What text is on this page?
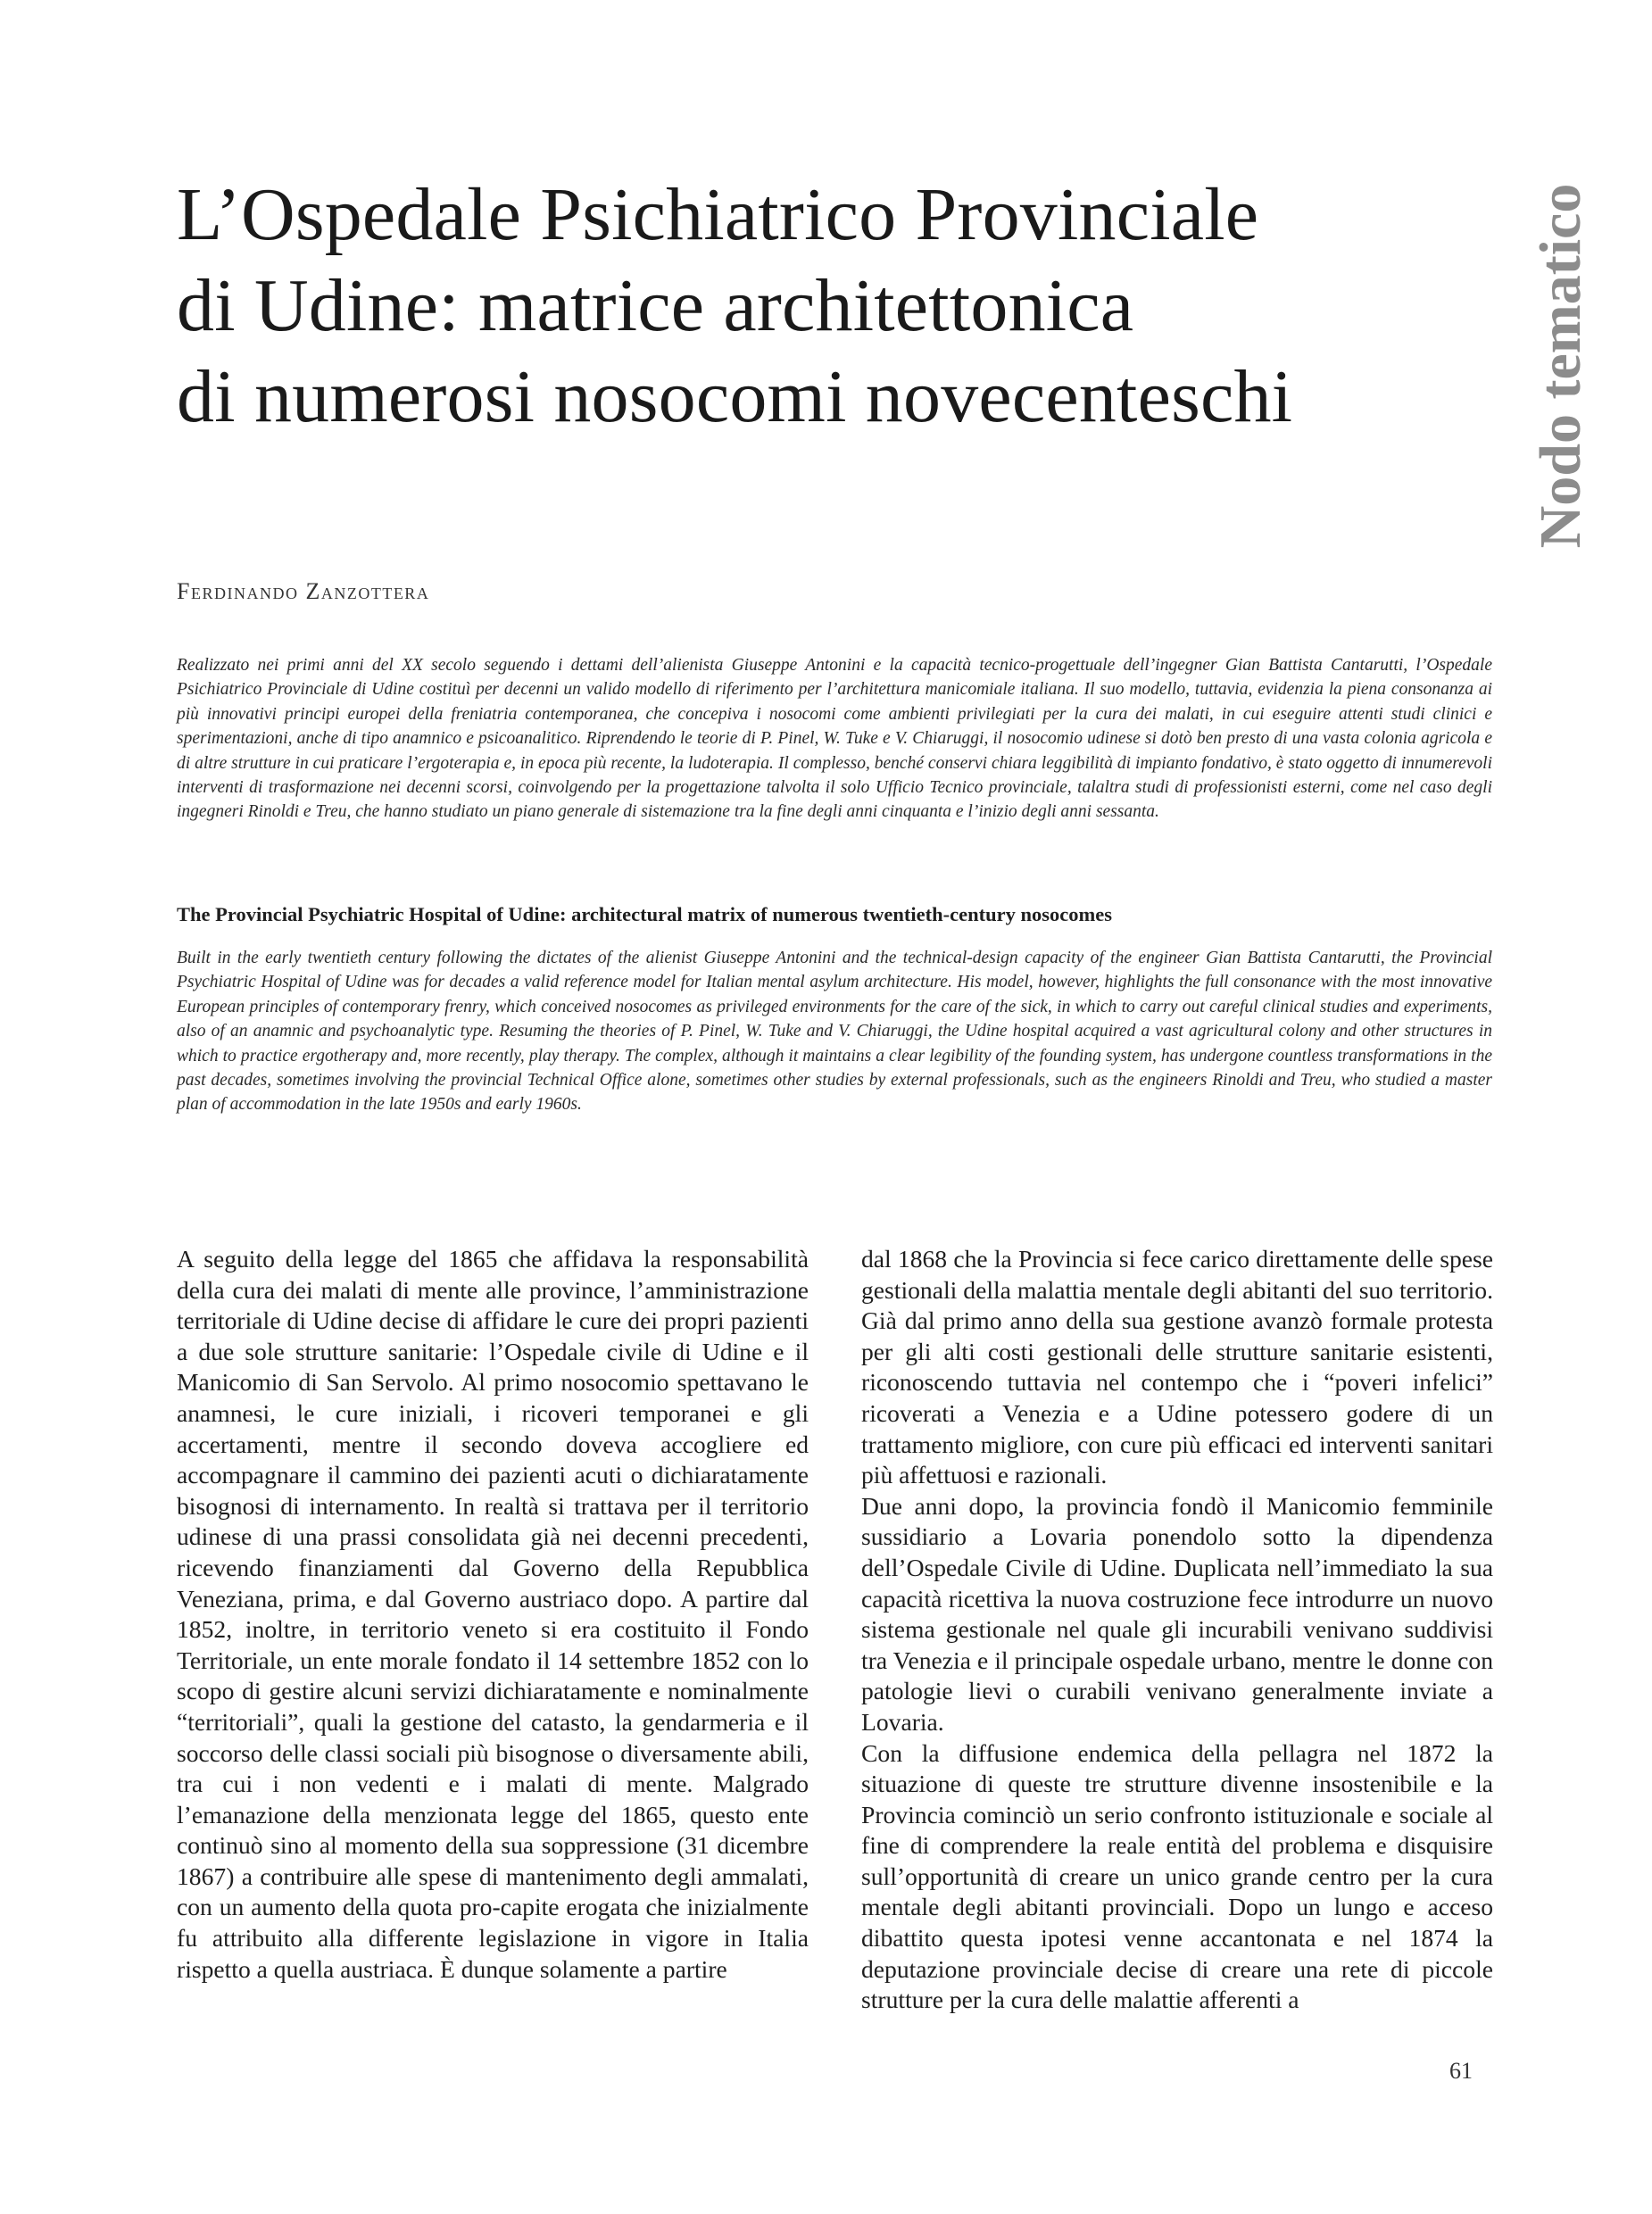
L’Ospedale Psichiatrico Provinciale
di Udine: matrice architettonica
di numerosi nosocomi novecenteschi	Nodo tematico
Ferdinando Zanzottera

Realizzato nei primi anni del XX secolo seguendo i dettami dell’alienista Giuseppe Antonini e la capacità tecnico-progettuale dell’ingegner Gian Battista Cantarutti, l’Ospedale Psichiatrico Provinciale di Udine costituì per decenni un valido modello di riferimento per l’architettura manicomiale italiana. Il suo modello, tuttavia, evidenzia la piena consonanza ai più innovativi principi europei della freniatria contemporanea, che concepiva i nosocomi come ambienti privilegiati per la cura dei malati, in cui eseguire attenti studi clinici e sperimentazioni, anche di tipo anamnico e psicoanalitico. Riprendendo le teorie di P. Pinel, W. Tuke e V. Chiaruggi, il nosocomio udinese si dotò ben presto di una vasta colonia agricola e di altre strutture in cui praticare l’ergoterapia e, in epoca più recente, la ludoterapia. Il complesso, benché conservi chiara leggibilità di impianto fondativo, è stato oggetto di innumerevoli interventi di trasformazione nei decenni scorsi, coinvolgendo per la progettazione talvolta il solo Ufficio Tecnico provinciale, talaltra studi di professionisti esterni, come nel caso degli ingegneri Rinoldi e Treu, che hanno studiato un piano generale di sistemazione tra la fine degli anni cinquanta e l’inizio degli anni sessanta.

The Provincial Psychiatric Hospital of Udine: architectural matrix of numerous twentieth-century nosocomes

Built in the early twentieth century following the dictates of the alienist Giuseppe Antonini and the technical-design capacity of the engineer Gian Battista Cantarutti, the Provincial Psychiatric Hospital of Udine was for decades a valid reference model for Italian mental asylum architecture. His model, however, highlights the full consonance with the most innovative European principles of contemporary frenry, which conceived nosocomes as privileged environments for the care of the sick, in which to carry out careful clinical studies and experiments, also of an anamnic and psychoanalytic type. Resuming the theories of P. Pinel, W. Tuke and V. Chiaruggi, the Udine hospital acquired a vast agricultural colony and other structures in which to practice ergotherapy and, more recently, play therapy. The complex, although it maintains a clear legibility of the founding system, has undergone countless transformations in the past decades, sometimes involving the provincial Technical Office alone, sometimes other studies by external professionals, such as the engineers Rinoldi and Treu, who studied a master plan of accommodation in the late 1950s and early 1960s.

A seguito della legge del 1865 che affidava la responsabilità della cura dei malati di mente alle province, l’amministrazione territoriale di Udine decise di affidare le cure dei propri pazienti a due sole strutture sanitarie: l’Ospedale civile di Udine e il Manicomio di San Servolo. Al primo nosocomio spettavano le anamnesi, le cure iniziali, i ricoveri temporanei e gli accertamenti, mentre il secondo doveva accogliere ed accompagnare il cammino dei pazienti acuti o dichiaratamente bisognosi di internamento. In realtà si trattava per il territorio udinese di una prassi consolidata già nei decenni precedenti, ricevendo finanziamenti dal Governo della Repubblica Veneziana, prima, e dal Governo austriaco dopo. A partire dal 1852, inoltre, in territorio veneto si era costituito il Fondo Territoriale, un ente morale fondato il 14 settembre 1852 con lo scopo di gestire alcuni servizi dichiaratamente e nominalmente “territoriali”, quali la gestione del catasto, la gendarmeria e il soccorso delle classi sociali più bisognose o diversamente abili, tra cui i non vedenti e i malati di mente. Malgrado l’emanazione della menzionata legge del 1865, questo ente continuò sino al momento della sua soppressione (31 dicembre 1867) a contribuire alle spese di mantenimento degli ammalati, con un aumento della quota pro-capite erogata che inizialmente fu attribuito alla differente legislazione in vigore in Italia rispetto a quella austriaca. È dunque solamente a partire

dal 1868 che la Provincia si fece carico direttamente delle spese gestionali della malattia mentale degli abitanti del suo territorio. Già dal primo anno della sua gestione avanzò formale protesta per gli alti costi gestionali delle strutture sanitarie esistenti, riconoscendo tuttavia nel contempo che i “poveri infelici” ricoverati a Venezia e a Udine potessero godere di un trattamento migliore, con cure più efficaci ed interventi sanitari più affettuosi e razionali.

Due anni dopo, la provincia fondò il Manicomio femminile sussidiario a Lovaria ponendolo sotto la dipendenza dell’Ospedale Civile di Udine. Duplicata nell’immediato la sua capacità ricettiva la nuova costruzione fece introdurre un nuovo sistema gestionale nel quale gli incurabili venivano suddivisi tra Venezia e il principale ospedale urbano, mentre le donne con patologie lievi o curabili venivano generalmente inviate a Lovaria.

Con la diffusione endemica della pellagra nel 1872 la situazione di queste tre strutture divenne insostenibile e la Provincia cominciò un serio confronto istituzionale e sociale al fine di comprendere la reale entità del problema e disquisire sull’opportunità di creare un unico grande centro per la cura mentale degli abitanti provinciali. Dopo un lungo e acceso dibattito questa ipotesi venne accantonata e nel 1874 la deputazione provinciale decise di creare una rete di piccole strutture per la cura delle malattie afferenti a

61
